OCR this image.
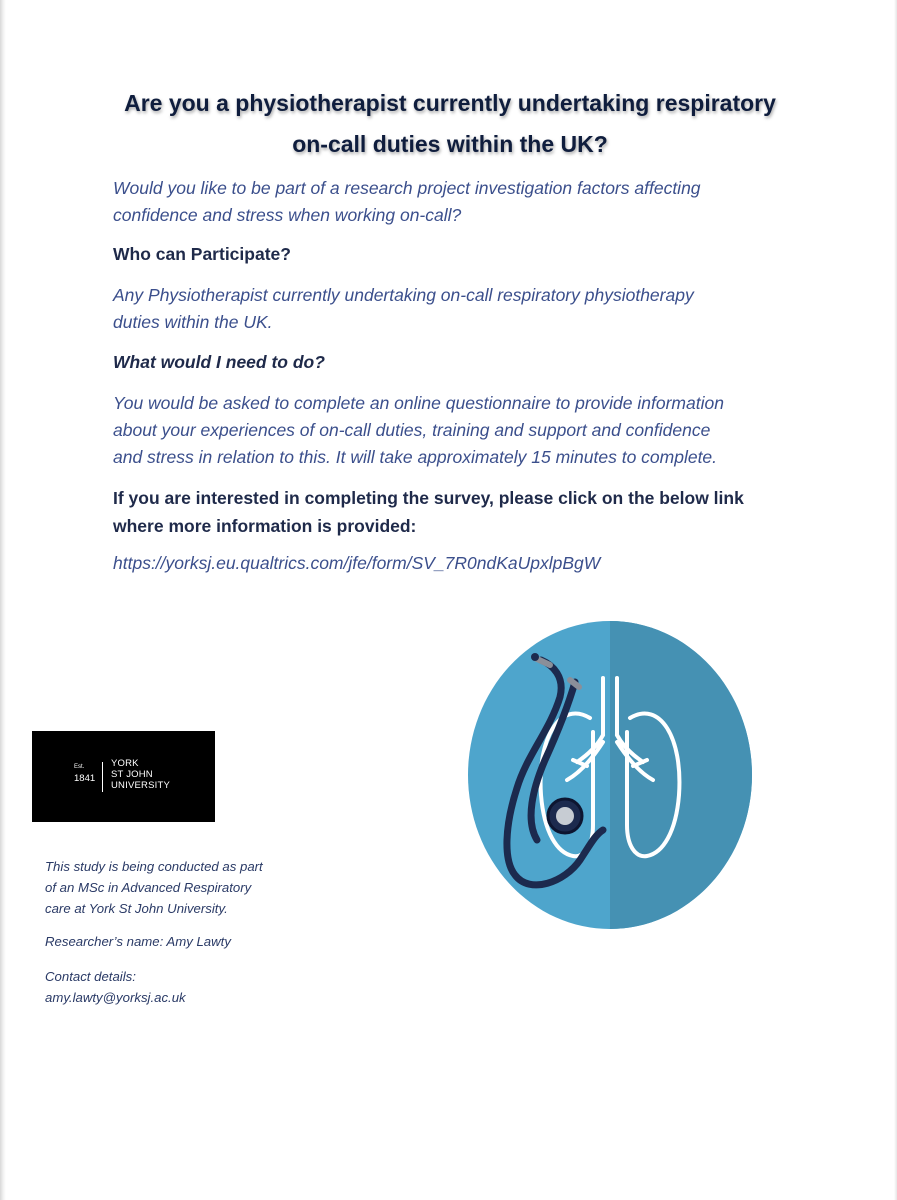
Are you a physiotherapist currently undertaking respiratory
on-call duties within the UK?

Would you like to be part of a research project investigation factors affecting
confidence and stress when working on-call?

Who can Participate?

Any Physiotherapist currently undertaking on-call respiratory physiotherapy
duties within the UK.

What would I need to do?

You would be asked to complete an online questionnaire to provide information
about your experiences of on-call duties, training and support and confidence
and stress in relation to this. It will take approximately 15 minutes to complete.

If you are interested in completing the survey, please click on the below link
where more information is provided:

https://yorksj.eu.qualtrics.com/jfe/form/SV_7R0ndKaUpxlpBgW

Est.
1841
YORK
ST JOHN
UNIVERSITY

This study is being conducted as part
of an MSc in Advanced Respiratory
care at York St John University.

Researcher’s name: Amy Lawty

Contact details:
amy.lawty@yorksj.ac.uk
